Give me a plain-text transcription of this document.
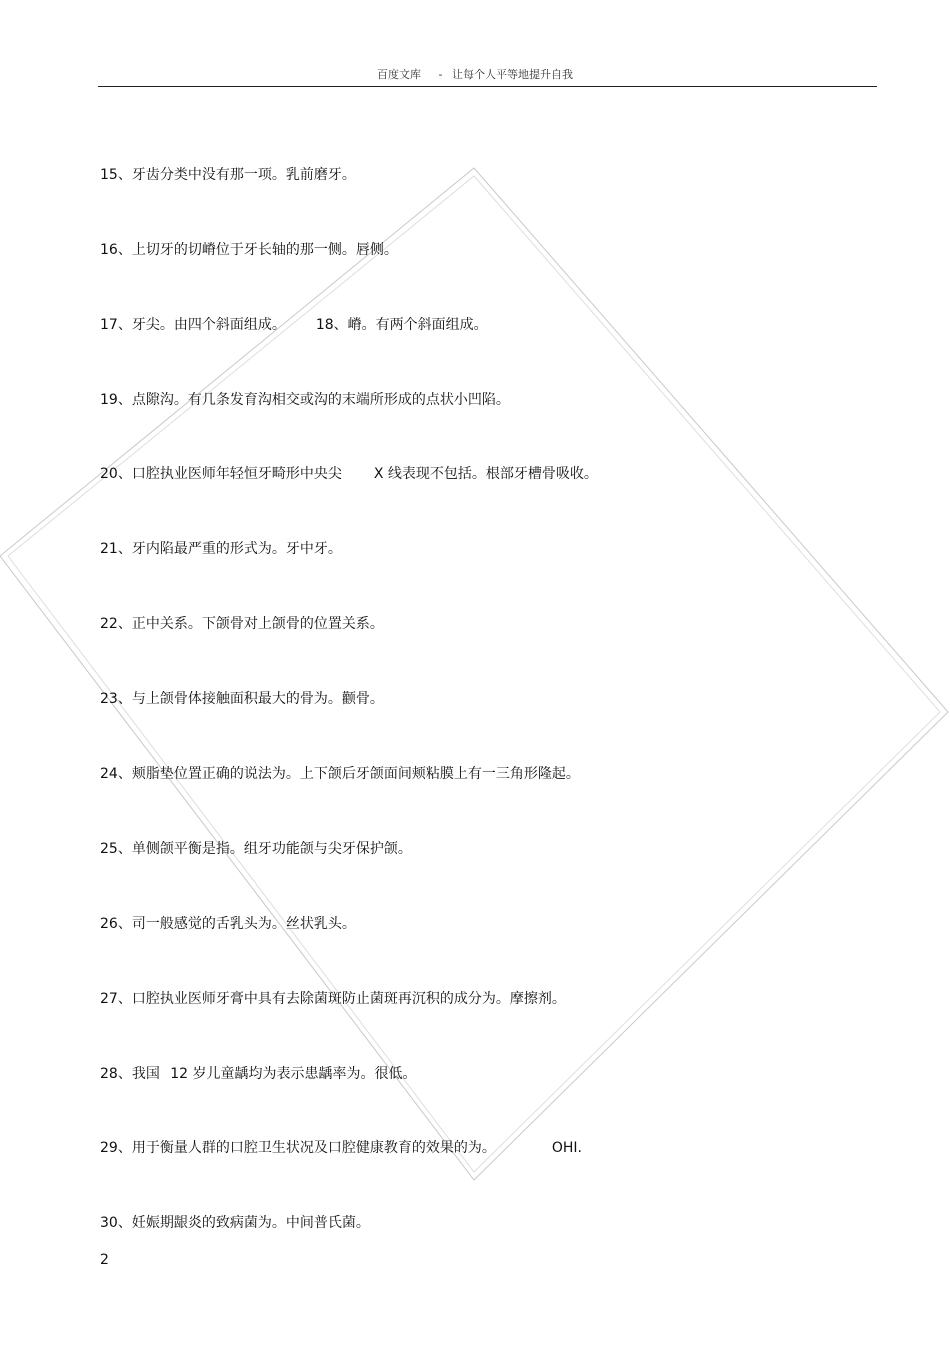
百度文库 - 让每个人平等地提升自我
15、牙齿分类中没有那一项。乳前磨牙。
16、上切牙的切嵴位于牙长轴的那一侧。唇侧。
17、牙尖。由四个斜面组成。 18、嵴。有两个斜面组成。
19、点隙沟。有几条发育沟相交或沟的末端所形成的点状小凹陷。
20、口腔执业医师年轻恒牙畸形中央尖 X 线表现不包括。根部牙槽骨吸收。
21、牙内陷最严重的形式为。牙中牙。
22、正中关系。下颌骨对上颌骨的位置关系。
23、与上颌骨体接触面积最大的骨为。颧骨。
24、颊脂垫位置正确的说法为。上下颌后牙颌面间颊粘膜上有一三角形隆起。
25、单侧颌平衡是指。组牙功能颌与尖牙保护颌。
26、司一般感觉的舌乳头为。丝状乳头。
27、口腔执业医师牙膏中具有去除菌斑防止菌斑再沉积的成分为。摩擦剂。
28、我国 12 岁儿童龋均为表示患龋率为。很低。
29、用于衡量人群的口腔卫生状况及口腔健康教育的效果的为。	OHI.
30、妊娠期龈炎的致病菌为。中间普氏菌。
2
